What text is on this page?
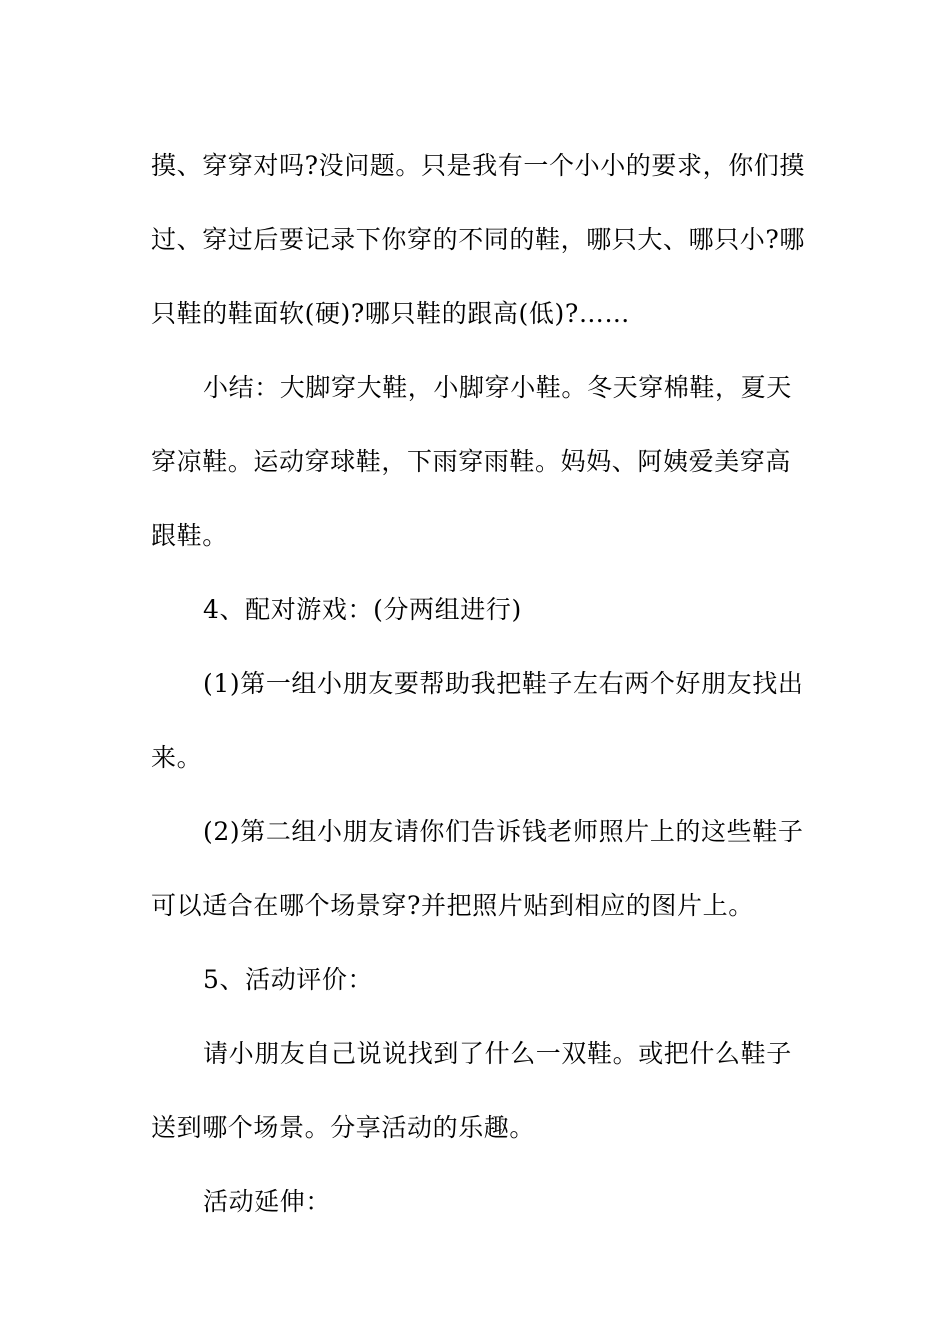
摸、穿穿对吗?没问题。只是我有一个小小的要求，你们摸过、穿过后要记录下你穿的不同的鞋，哪只大、哪只小?哪只鞋的鞋面软(硬)?哪只鞋的跟高(低)?……

小结：大脚穿大鞋，小脚穿小鞋。冬天穿棉鞋，夏天穿凉鞋。运动穿球鞋，下雨穿雨鞋。妈妈、阿姨爱美穿高跟鞋。

4、配对游戏：(分两组进行)

(1)第一组小朋友要帮助我把鞋子左右两个好朋友找出来。

(2)第二组小朋友请你们告诉钱老师照片上的这些鞋子可以适合在哪个场景穿?并把照片贴到相应的图片上。

5、活动评价：

请小朋友自己说说找到了什么一双鞋。或把什么鞋子送到哪个场景。分享活动的乐趣。

活动延伸：
